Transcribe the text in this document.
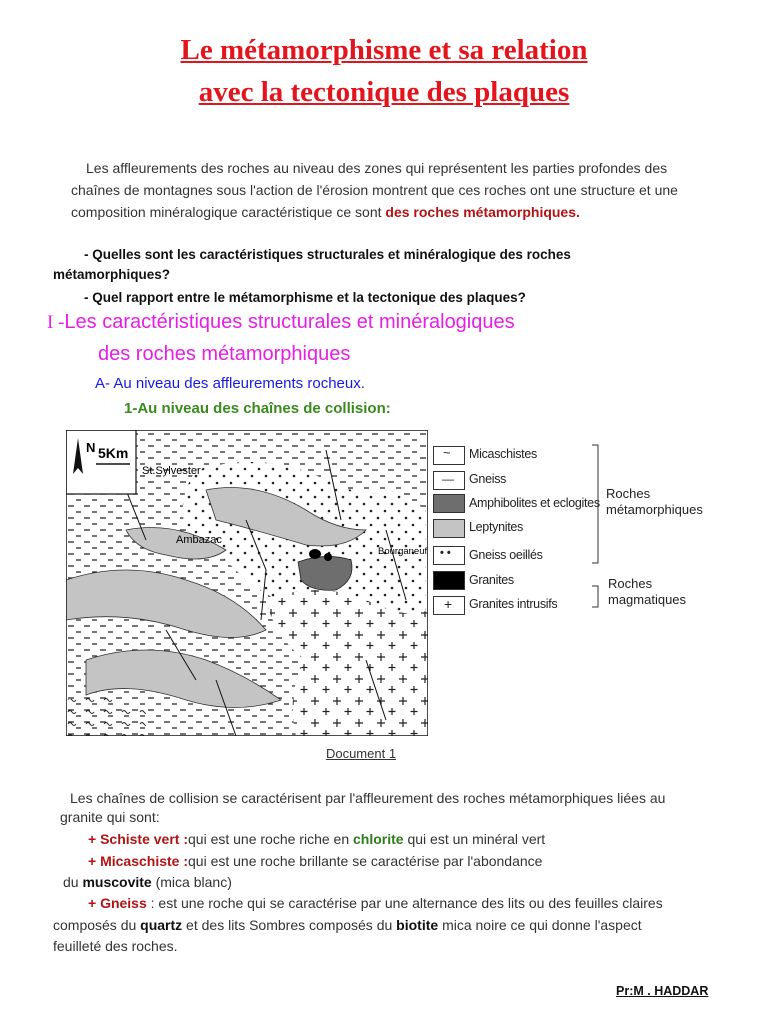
Le métamorphisme et sa relation
avec la tectonique des plaques

Les affleurements des roches au niveau des zones qui représentent les parties profondes des

chaînes de montagnes sous l'action de l'érosion montrent que ces roches ont une structure et une

composition minéralogique caractéristique ce sont des roches métamorphiques.

- Quelles sont les caractéristiques structurales et minéralogique des roches

métamorphiques?

- Quel rapport entre le métamorphisme et la tectonique des plaques?

I -Les caractéristiques structurales et minéralogiques

des roches métamorphiques

A- Au niveau des affleurements rocheux.

1-Au niveau des chaînes de collision:

N 5Km
St.Sylvester
Ambazac
Bourganeuf
~ Micaschistes
— Gneiss
Amphibolites et eclogites
Leptynites
• • Gneiss oeillés
Granites
+ Granites intrusifs
Roches
métamorphiques
Roches
magmatiques
Document 1

Les chaînes de collision se caractérisent par l'affleurement des roches métamorphiques liées au

granite qui sont:

+ Schiste vert :qui est une roche riche en chlorite qui est un minéral vert

+ Micaschiste :qui est une roche brillante se caractérise par l'abondance

du muscovite (mica blanc)

+ Gneiss : est une roche qui se caractérise par une alternance des lits ou des feuilles claires

composés du quartz et des lits Sombres composés du biotite mica noire ce qui donne l'aspect

feuilleté des roches.

Pr:M . HADDAR
